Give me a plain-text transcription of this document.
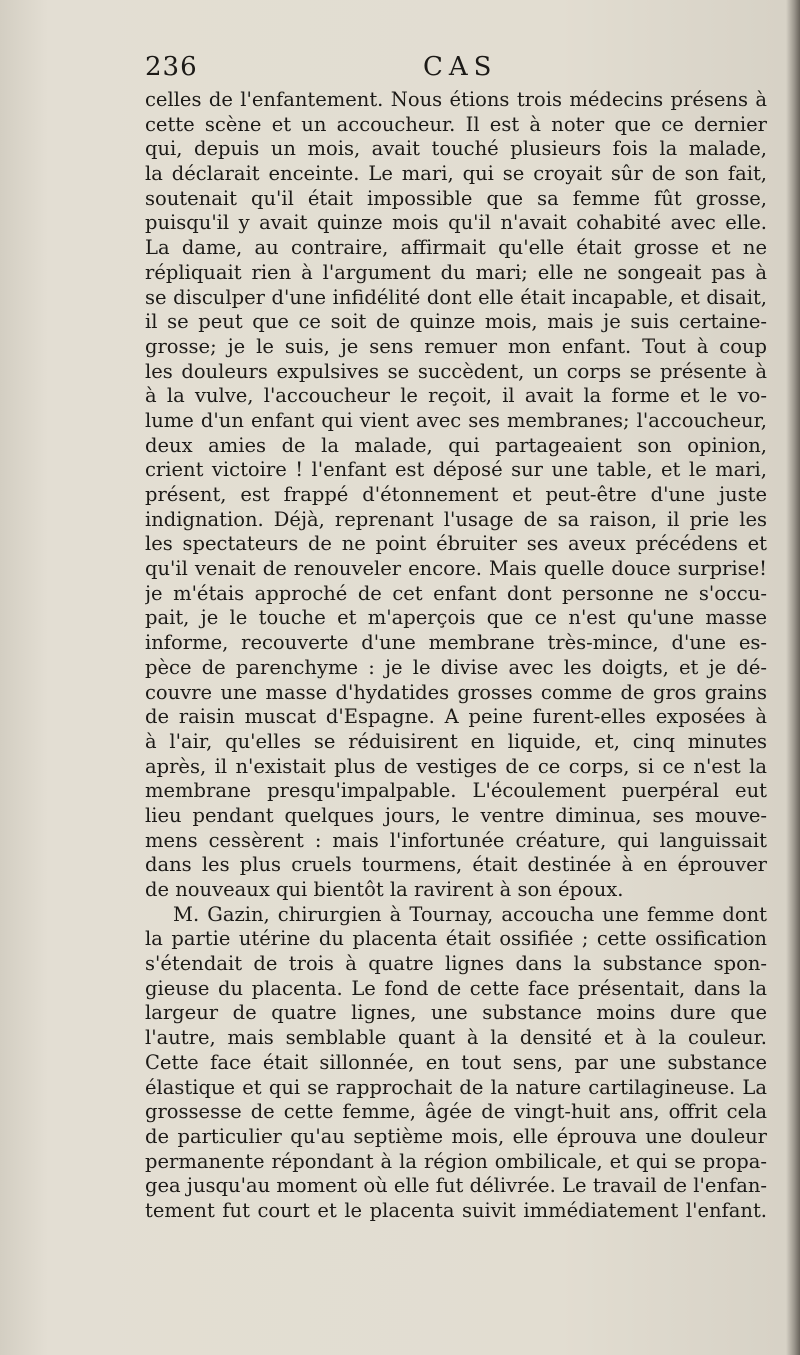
236	CAS
celles de l'enfantement. Nous étions trois médecins présens à
cette scène et un accoucheur. Il est à noter que ce dernier
qui, depuis un mois, avait touché plusieurs fois la malade,
la déclarait enceinte. Le mari, qui se croyait sûr de son fait,
soutenait qu'il était impossible que sa femme fût grosse,
puisqu'il y avait quinze mois qu'il n'avait cohabité avec elle.
La dame, au contraire, affirmait qu'elle était grosse et ne
répliquait rien à l'argument du mari; elle ne songeait pas à
se disculper d'une infidélité dont elle était incapable, et disait,
il se peut que ce soit de quinze mois, mais je suis certaine-
grosse; je le suis, je sens remuer mon enfant. Tout à coup
les douleurs expulsives se succèdent, un corps se présente à
à la vulve, l'accoucheur le reçoit, il avait la forme et le vo-
lume d'un enfant qui vient avec ses membranes; l'accoucheur,
deux amies de la malade, qui partageaient son opinion,
crient victoire ! l'enfant est déposé sur une table, et le mari,
présent, est frappé d'étonnement et peut-être d'une juste
indignation. Déjà, reprenant l'usage de sa raison, il prie les
les spectateurs de ne point ébruiter ses aveux précédens et
qu'il venait de renouveler encore. Mais quelle douce surprise!
je m'étais approché de cet enfant dont personne ne s'occu-
pait, je le touche et m'aperçois que ce n'est qu'une masse
informe, recouverte d'une membrane très-mince, d'une es-
pèce de parenchyme : je le divise avec les doigts, et je dé-
couvre une masse d'hydatides grosses comme de gros grains
de raisin muscat d'Espagne. A peine furent-elles exposées à
à l'air, qu'elles se réduisirent en liquide, et, cinq minutes
après, il n'existait plus de vestiges de ce corps, si ce n'est la
membrane presqu'impalpable. L'écoulement puerpéral eut
lieu pendant quelques jours, le ventre diminua, ses mouve-
mens cessèrent : mais l'infortunée créature, qui languissait
dans les plus cruels tourmens, était destinée à en éprouver
de nouveaux qui bientôt la ravirent à son époux.
M. Gazin, chirurgien à Tournay, accoucha une femme dont
la partie utérine du placenta était ossifiée ; cette ossification
s'étendait de trois à quatre lignes dans la substance spon-
gieuse du placenta. Le fond de cette face présentait, dans la
largeur de quatre lignes, une substance moins dure que
l'autre, mais semblable quant à la densité et à la couleur.
Cette face était sillonnée, en tout sens, par une substance
élastique et qui se rapprochait de la nature cartilagineuse. La
grossesse de cette femme, âgée de vingt-huit ans, offrit cela
de particulier qu'au septième mois, elle éprouva une douleur
permanente répondant à la région ombilicale, et qui se propa-
gea jusqu'au moment où elle fut délivrée. Le travail de l'enfan-
tement fut court et le placenta suivit immédiatement l'enfant.
